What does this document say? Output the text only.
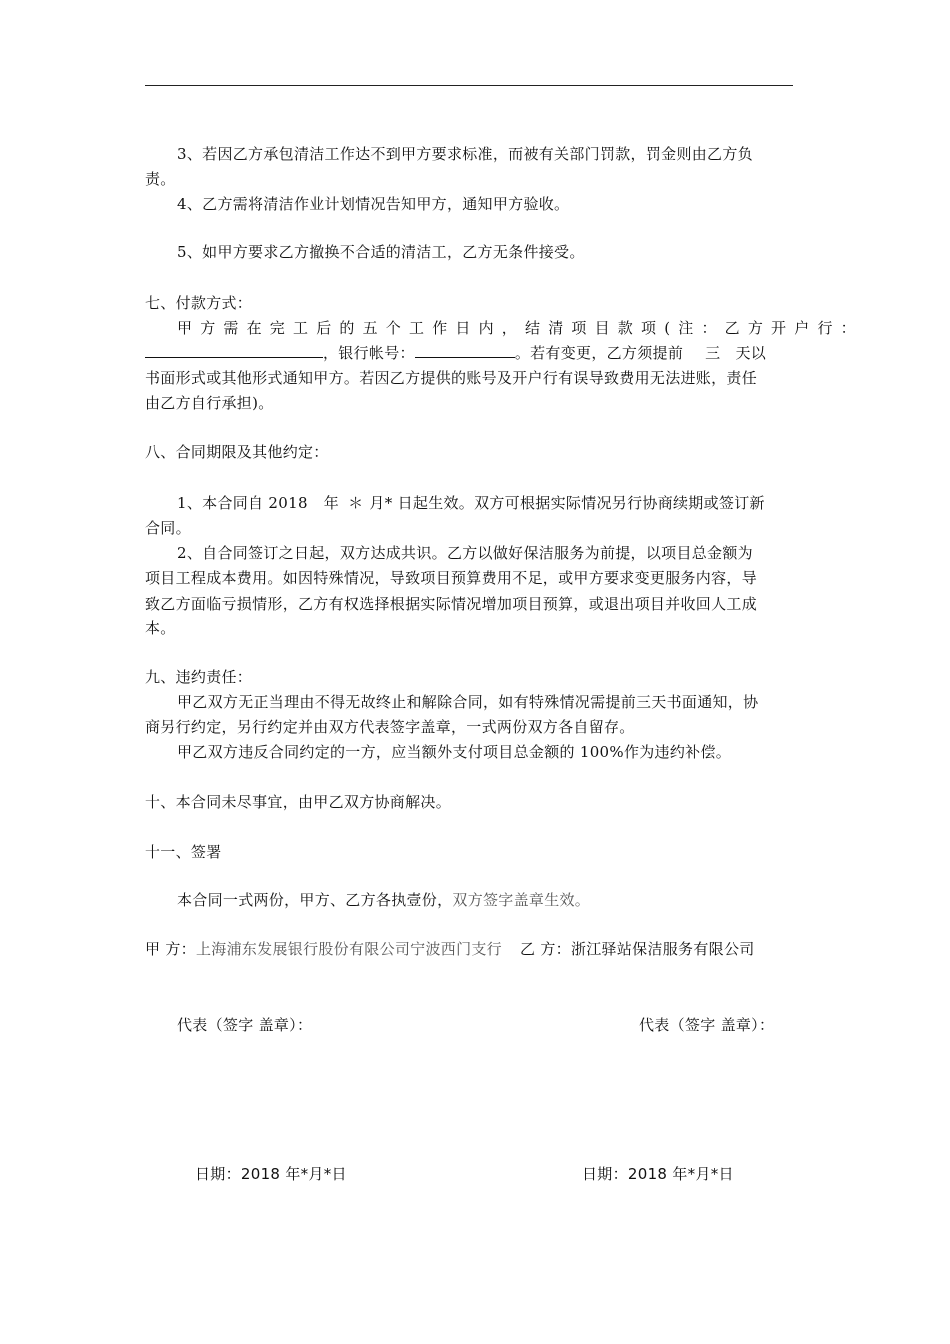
3、若因乙方承包清洁工作达不到甲方要求标准，而被有关部门罚款，罚金则由乙方负
责。
4、乙方需将清洁作业计划情况告知甲方，通知甲方验收。
5、如甲方要求乙方撤换不合适的清洁工，乙方无条件接受。
七、付款方式：
甲方需在完工后的五个工作日内，结清项目款项(注：乙方开户行：
，银行帐号：	。若有变更，乙方须提前 三 天以
书面形式或其他形式通知甲方。若因乙方提供的账号及开户行有误导致费用无法进账，责任
由乙方自行承担)。
八、合同期限及其他约定：
1、本合同自 2018 年 ＊ 月* 日起生效。双方可根据实际情况另行协商续期或签订新
合同。
2、自合同签订之日起，双方达成共识。乙方以做好保洁服务为前提，以项目总金额为
项目工程成本费用。如因特殊情况，导致项目预算费用不足，或甲方要求变更服务内容，导
致乙方面临亏损情形，乙方有权选择根据实际情况增加项目预算，或退出项目并收回人工成
本。
九、违约责任：
甲乙双方无正当理由不得无故终止和解除合同，如有特殊情况需提前三天书面通知，协
商另行约定，另行约定并由双方代表签字盖章，一式两份双方各自留存。
甲乙双方违反合同约定的一方，应当额外支付项目总金额的 100%作为违约补偿。
十、本合同未尽事宜，由甲乙双方协商解决。
十一、签署
本合同一式两份，甲方、乙方各执壹份，双方签字盖章生效。
甲 方：上海浦东发展银行股份有限公司宁波西门支行 乙 方：浙江驿站保洁服务有限公司
代表（签字 盖章）：	代表（签字 盖章）：
日期：2018 年*月*日	日期：2018 年*月*日
